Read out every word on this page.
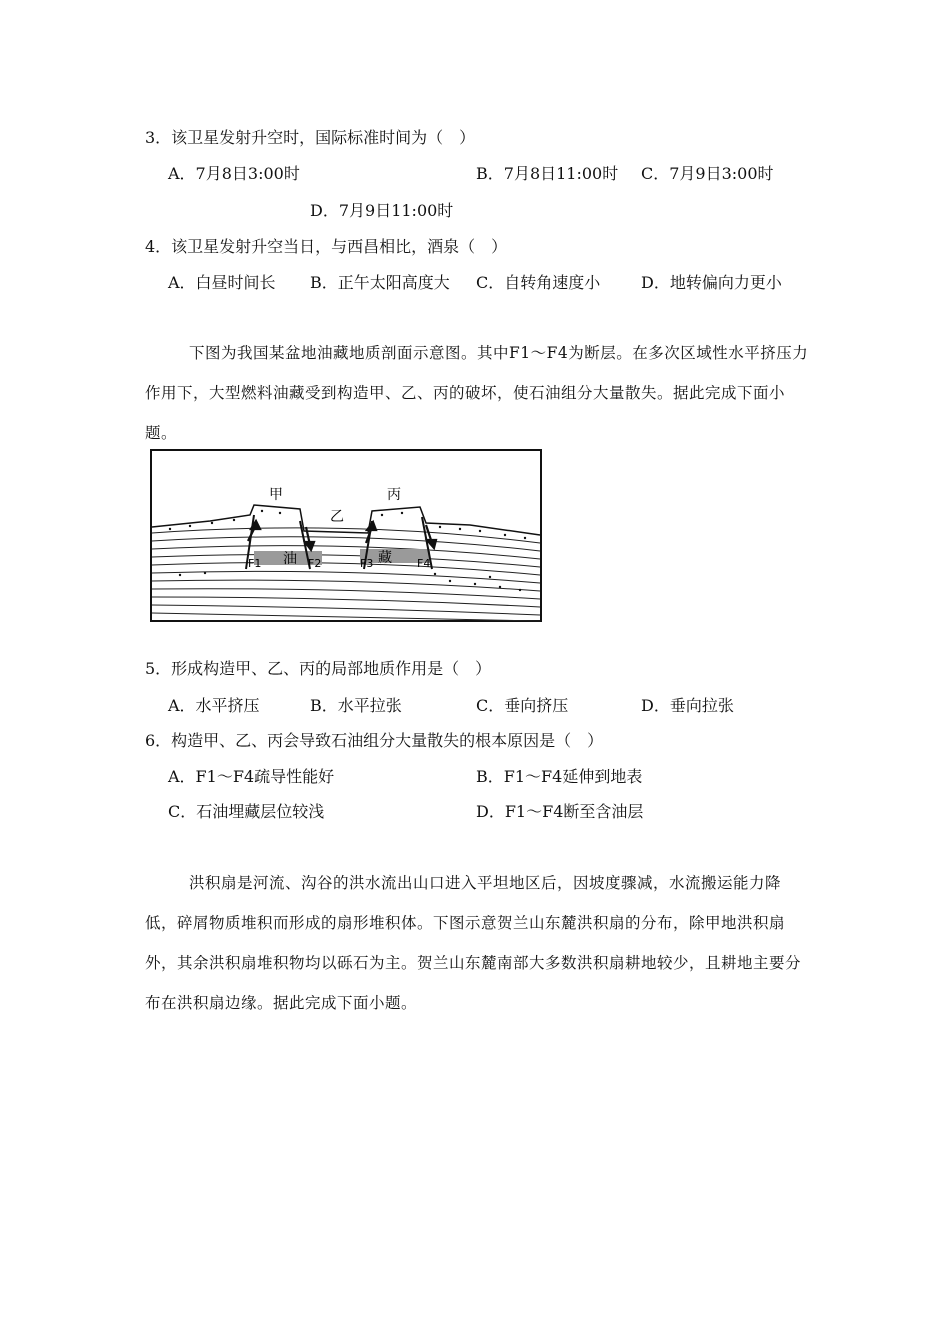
3．该卫星发射升空时，国际标准时间为（　）
A．7月8日3:00时	B．7月8日11:00时 C．7月9日3:00时
D．7月9日11:00时
4．该卫星发射升空当日，与西昌相比，酒泉（　）
A．白昼时间长 B．正午太阳高度大 C．自转角速度小	D．地转偏向力更小
下图为我国某盆地油藏地质剖面示意图。其中F1～F4为断层。在多次区域性水平挤压力作用下，大型燃料油藏受到构造甲、乙、丙的破坏，使石油组分大量散失。据此完成下面小题。
甲
乙
丙
油	藏
F1	F2	F3	F4
5．形成构造甲、乙、丙的局部地质作用是（　）
A．水平挤压	B．水平拉张	C．垂向挤压	D．垂向拉张
6．构造甲、乙、丙会导致石油组分大量散失的根本原因是（　）
A．F1～F4疏导性能好	B．F1～F4延伸到地表
C．石油埋藏层位较浅	D．F1～F4断至含油层
洪积扇是河流、沟谷的洪水流出山口进入平坦地区后，因坡度骤减，水流搬运能力降低，碎屑物质堆积而形成的扇形堆积体。下图示意贺兰山东麓洪积扇的分布，除甲地洪积扇外，其余洪积扇堆积物均以砾石为主。贺兰山东麓南部大多数洪积扇耕地较少，且耕地主要分布在洪积扇边缘。据此完成下面小题。
